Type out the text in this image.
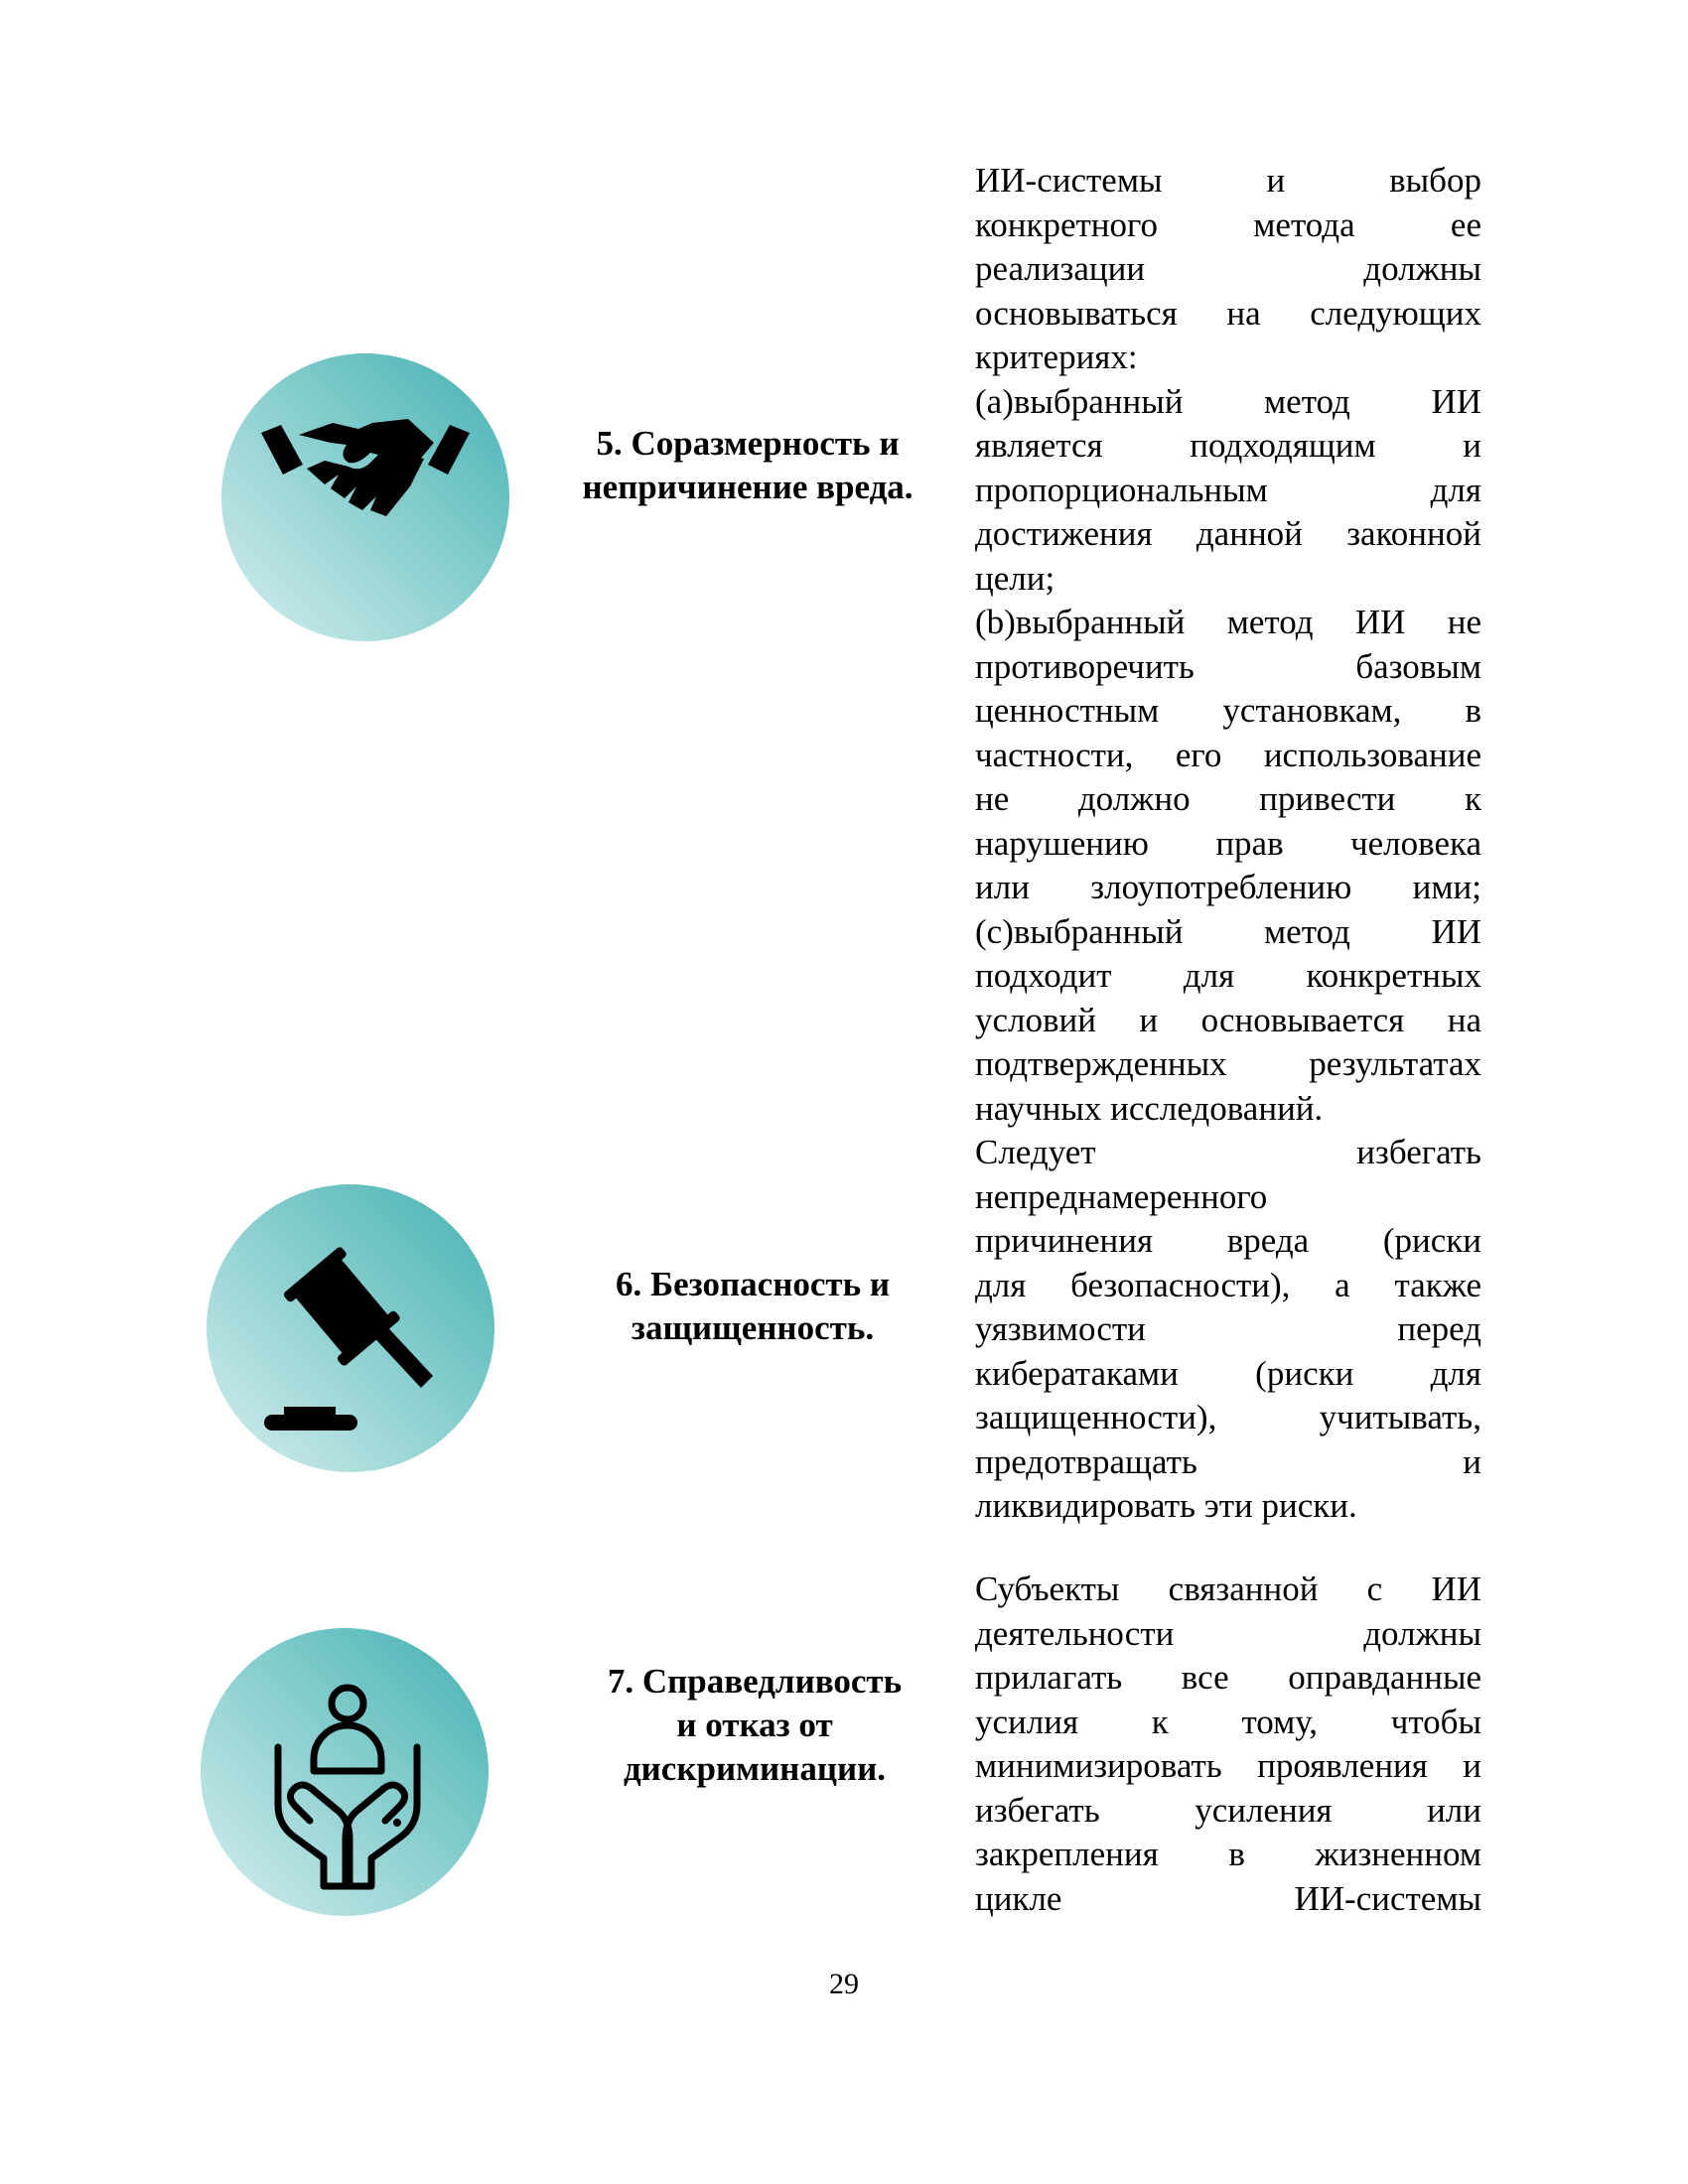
5. Соразмерность и
непричинение вреда.
6. Безопасность и
защищенность.
7. Справедливость
и отказ от
дискриминации.
ИИ-системы и выбор
конкретного метода ее
реализации должны
основываться на следующих
критериях:
(a)выбранный метод ИИ
является подходящим и
пропорциональным для
достижения данной законной
цели;
(b)выбранный метод ИИ не
противоречить базовым
ценностным установкам, в
частности, его использование
не должно привести к
нарушению прав человека
или злоупотреблению ими;
(c)выбранный метод ИИ
подходит для конкретных
условий и основывается на
подтвержденных результатах
научных исследований.
Следует избегать
непреднамеренного
причинения вреда (риски
для безопасности), а также
уязвимости перед
кибератаками (риски для
защищенности), учитывать,
предотвращать и
ликвидировать эти риски.
Субъекты связанной с ИИ
деятельности должны
прилагать все оправданные
усилия к тому, чтобы
минимизировать проявления и
избегать усиления или
закрепления в жизненном
цикле ИИ-системы
29
